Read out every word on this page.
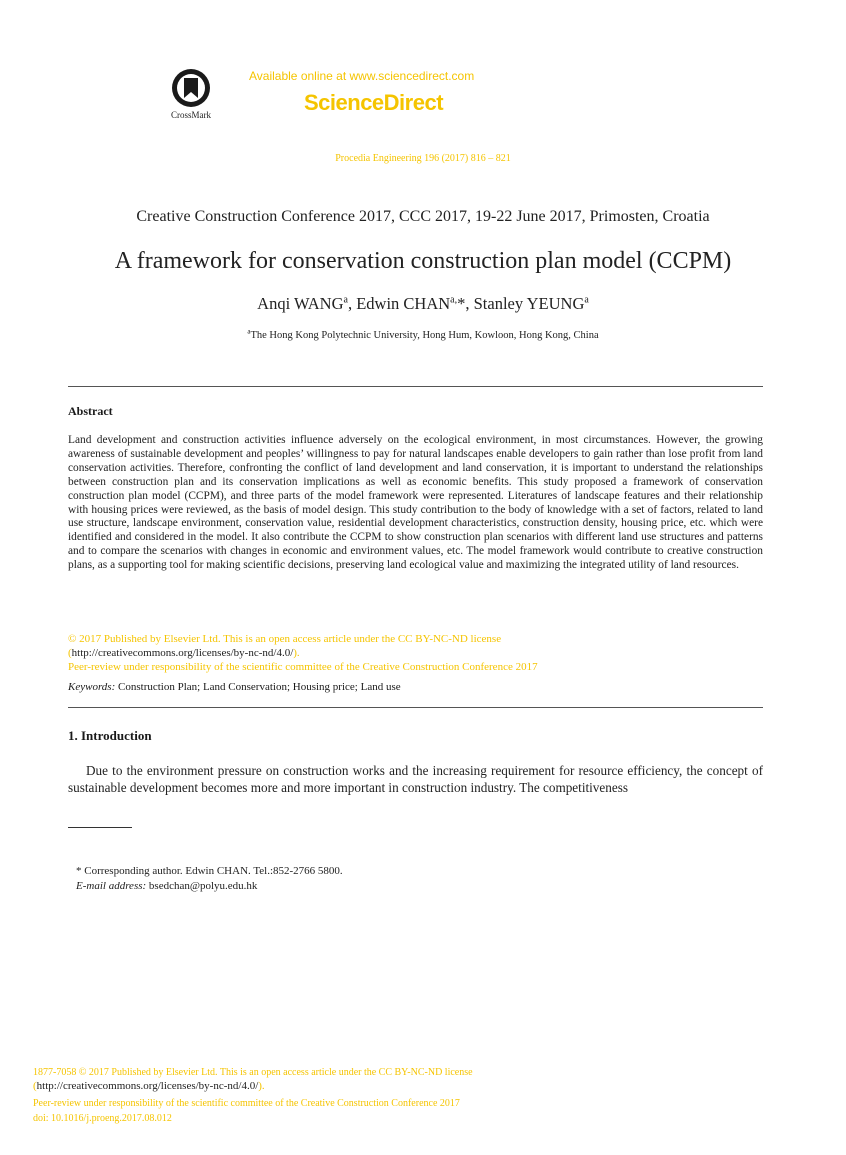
CrossMark
Available online at www.sciencedirect.com
ScienceDirect
Procedia Engineering 196 (2017) 816 – 821
Creative Construction Conference 2017, CCC 2017, 19-22 June 2017, Primosten, Croatia
A framework for conservation construction plan model (CCPM)
Anqi WANG$^a$, Edwin $CHAN^{a,}*$, Stanley YEUNG$^a$
$^a$The Hong Kong Polytechnic University, Hong Hum, Kowloon, Hong Kong, China
Abstract
Land development and construction activities influence adversely on the ecological environment, in most circumstances. However, the growing awareness of sustainable development and peoples’ willingness to pay for natural landscapes enable developers to gain rather than lose profit from land conservation activities. Therefore, confronting the conflict of land development and land conservation, it is important to understand the relationships between construction plan and its conservation implications as well as economic benefits. This study proposed a framework of conservation construction plan model (CCPM), and three parts of the model framework were represented. Literatures of landscape features and their relationship with housing prices were reviewed, as the basis of model design. This study contribution to the body of knowledge with a set of factors, related to land use structure, landscape environment, conservation value, residential development characteristics, construction density, housing price, etc. which were identified and considered in the model. It also contribute the CCPM to show construction plan scenarios with different land use structures and patterns and to compare the scenarios with changes in economic and environment values, etc. The model framework would contribute to creative construction plans, as a supporting tool for making scientific decisions, preserving land ecological value and maximizing the integrated utility of land resources.
© 2017 Published by Elsevier Ltd. This is an open access article under the CC BY-NC-ND license
(http://creativecommons.org/licenses/by-nc-nd/4.0/).
Peer-review under responsibility of the scientific committee of the Creative Construction Conference 2017
Keywords: Construction Plan; Land Conservation; Housing price; Land use
1. Introduction
Due to the environment pressure on construction works and the increasing requirement for resource efficiency, the concept of sustainable development becomes more and more important in construction industry. The competitiveness
* Corresponding author. Edwin CHAN. Tel.:852-2766 5800.
E-mail address: bsedchan@polyu.edu.hk
1877-7058 © 2017 Published by Elsevier Ltd. This is an open access article under the CC BY-NC-ND license
(http://creativecommons.org/licenses/by-nc-nd/4.0/).
Peer-review under responsibility of the scientific committee of the Creative Construction Conference 2017
doi: 10.1016/j.proeng.2017.08.012
